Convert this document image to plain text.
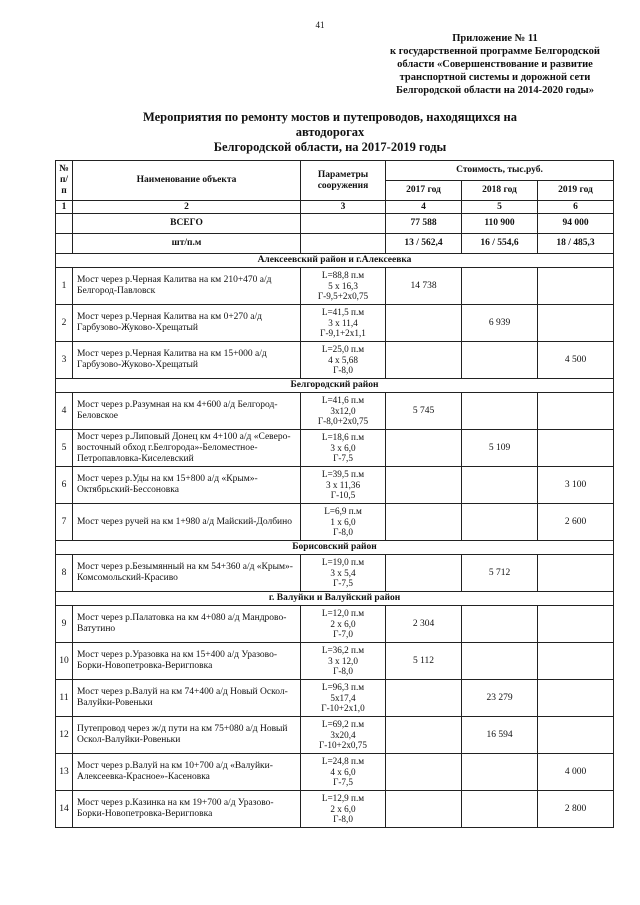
41
Приложение № 11
к государственной программе Белгородской
области «Совершенствование и развитие
транспортной системы и дорожной сети
Белгородской области на 2014-2020 годы»
Мероприятия по ремонту мостов и путепроводов, находящихся на автодорогах
Белгородской области, на 2017-2019 годы
№ п/п	Наименование объекта	Параметры сооружения	Стоимость, тыс.руб.		
			2017 год	2018 год	2019 год
1	2	3	4	5	6
	ВСЕГО		77 588	110 900	94 000
	шт/п.м		13 / 562,4	16 / 554,6	18 / 485,3
Алексеевский район и г.Алексеевка					
1	Мост через р.Черная Калитва на км 210+470 а/д Белгород-Павловск	L=88,8 п.м
5 x 16,3
Г-9,5+2x0,75	14 738		
2	Мост через р.Черная Калитва на км 0+270 а/д Гарбузово-Жуково-Хрещатый	L=41,5 п.м
3 x 11,4
Г-9,1+2x1,1		6 939	
3	Мост через р.Черная Калитва на км 15+000 а/д Гарбузово-Жуково-Хрещатый	L=25,0 п.м
4 x 5,68
Г-8,0			4 500
Белгородский район					
4	Мост через р.Разумная на км 4+600 а/д Белгород-Беловское	L=41,6 п.м
3x12,0
Г-8,0+2x0,75	5 745		
5	Мост через р.Липовый Донец км 4+100 а/д «Северо-восточный обход г.Белгорода»-Беломестное-Петропавловка-Киселевский	L=18,6 п.м
3 x 6,0
Г-7,5		5 109	
6	Мост через р.Уды на км 15+800 а/д «Крым»-Октябрьский-Бессоновка	L=39,5 п.м
3 x 11,36
Г-10,5			3 100
7	Мост через ручей на км 1+980 а/д Майский-Долбино	L=6,9 п.м
1 x 6,0
Г-8,0			2 600
Борисовский район					
8	Мост через р.Безымянный на км 54+360 а/д «Крым»-Комсомольский-Красиво	L=19,0 п.м
3 x 5,4
Г-7,5		5 712	
г. Валуйки и Валуйский район					
9	Мост через р.Палатовка на км 4+080 а/д Мандрово-Ватутино	L=12,0 п.м
2 x 6,0
Г-7,0	2 304		
10	Мост через р.Уразовка на км 15+400 а/д Уразово-Борки-Новопетровка-Веригповка	L=36,2 п.м
3 x 12,0
Г-8,0	5 112		
11	Мост через р.Валуй на км 74+400 а/д Новый Оскол-Валуйки-Ровеньки	L=96,3 п.м
5x17,4
Г-10+2x1,0		23 279	
12	Путепровод через ж/д пути на км 75+080 а/д Новый Оскол-Валуйки-Ровеньки	L=69,2 п.м
3x20,4
Г-10+2x0,75		16 594	
13	Мост через р.Валуй на км 10+700 а/д «Валуйки-Алексеевка-Красное»-Касеновка	L=24,8 п.м
4 x 6,0
Г-7,5			4 000
14	Мост через р.Казинка на км 19+700 а/д Уразово-Борки-Новопетровка-Веригповка	L=12,9 п.м
2 x 6,0
Г-8,0			2 800
